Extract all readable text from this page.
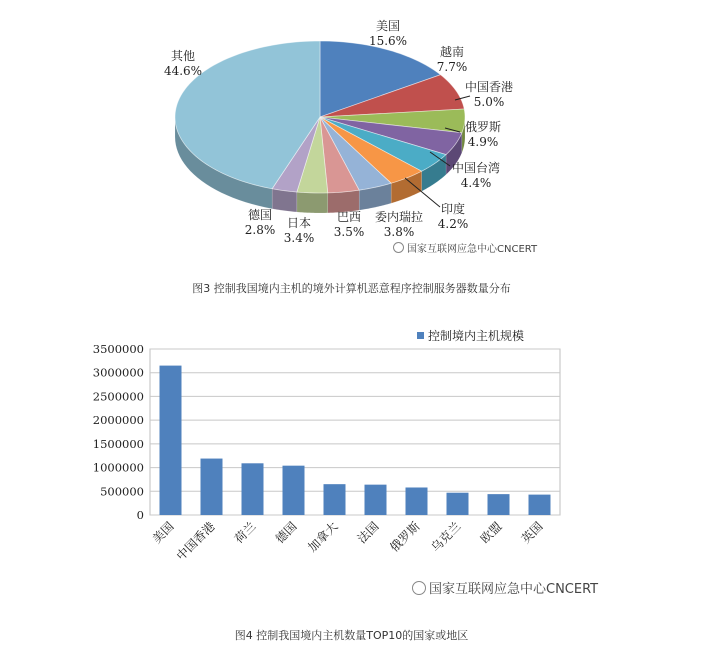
美国
15.6%
越南
7.7%
中国香港
5.0%
俄罗斯
4.9%
中国台湾
4.4%
印度
4.2%
委内瑞拉
3.8%
巴西
3.5%
日本
3.4%
德国
2.8%
其他
44.6%
0
500000
1000000
1500000
2000000
2500000
3000000
3500000
美国
中国香港 荷兰 德国 加拿大 法国 俄罗斯 乌克兰 欧盟 英国
控制境内主机规模
图3 控制我国境内主机的境外计算机恶意程序控制服务器数量分布
图4 控制我国境内主机数量TOP10的国家或地区
国家互联网应急中心CNCERT
国家互联网应急中心CNCERT
